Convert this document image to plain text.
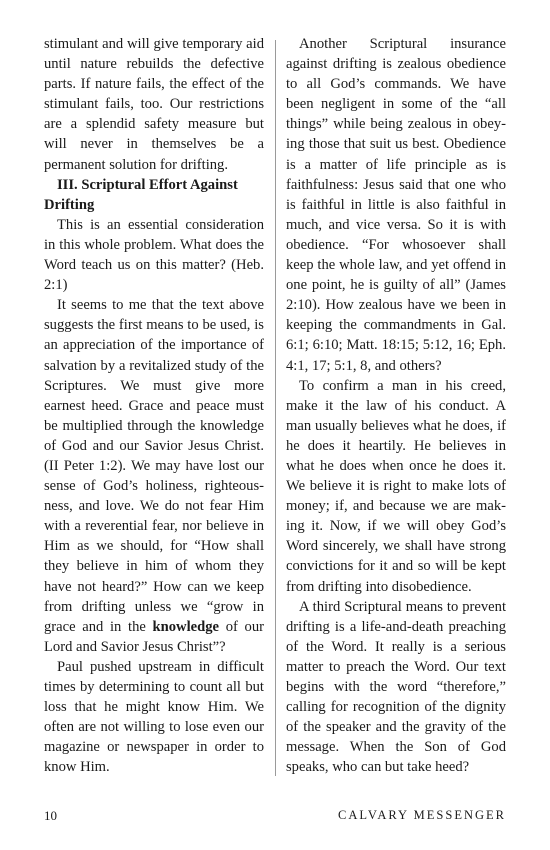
stimulant and will give temporary aid until nature rebuilds the defective parts. If nature fails, the effect of the stimulant fails, too. Our restrictions are a splendid safety measure but will never in themselves be a permanent solution for drifting.

III. Scriptural Effort Against Drifting

This is an essential consideration in this whole problem. What does the Word teach us on this matter? (Heb. 2:1)

It seems to me that the text above suggests the first means to be used, is an appreciation of the importance of salvation by a revitalized study of the Scriptures. We must give more earnest heed. Grace and peace must be multiplied through the knowledge of God and our Savior Jesus Christ. (II Peter 1:2). We may have lost our sense of God’s holiness, righteousness, and love. We do not fear Him with a reverential fear, nor believe in Him as we should, for “How shall they believe in him of whom they have not heard?” How can we keep from drifting unless we “grow in grace and in the knowledge of our Lord and Savior Jesus Christ”?

Paul pushed upstream in difficult times by determining to count all but loss that he might know Him. We often are not willing to lose even our magazine or newspaper in order to know Him.

Another Scriptural insurance against drifting is zealous obedience to all God’s commands. We have been negligent in some of the “all things” while being zealous in obeying those that suit us best. Obedience is a matter of life principle as is faithfulness: Jesus said that one who is faithful in little is also faithful in much, and vice versa. So it is with obedience. “For whosoever shall keep the whole law, and yet offend in one point, he is guilty of all” (James 2:10). How zealous have we been in keeping the commandments in Gal. 6:1; 6:10; Matt. 18:15; 5:12, 16; Eph. 4:1, 17; 5:1, 8, and others?

To confirm a man in his creed, make it the law of his conduct. A man usually believes what he does, if he does it heartily. He believes in what he does when once he does it. We believe it is right to make lots of money; if, and because we are making it. Now, if we will obey God’s Word sincerely, we shall have strong convictions for it and so will be kept from drifting into disobedience.

A third Scriptural means to prevent drifting is a life-and-death preaching of the Word. It really is a serious matter to preach the Word. Our text begins with the word “therefore,” calling for recognition of the dignity of the speaker and the gravity of the message. When the Son of God speaks, who can but take heed?

10	CALVARY MESSENGER
